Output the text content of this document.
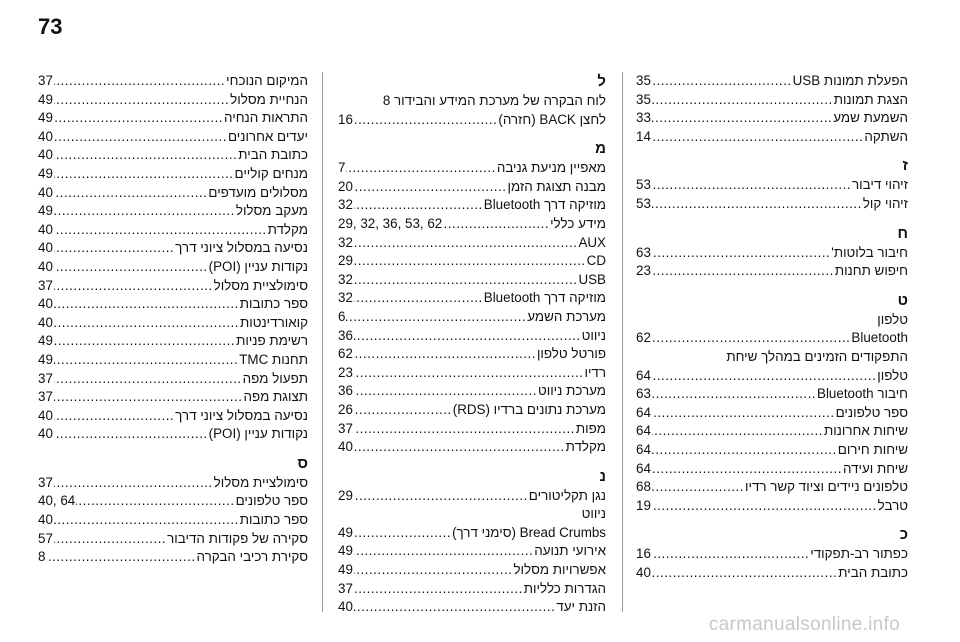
73
הפעלת תמונות USB
.....
35
הצגת תמונות
.....
35
השמעת שמע
.....
33
השתקה
.....
14
ז
זיהוי דיבור
.....
53
זיהוי קול
.....
53
ח
חיבור בלוטות'
.....
63
חיפוש תחנות
.....
23
ט
טלפון
Bluetooth
.....
62
התפקודים הזמינים במהלך שיחת
טלפון
.....
64
חיבור Bluetooth
.....
63
ספר טלפונים
.....
64
שיחות אחרונות
.....
64
שיחות חירום
.....
64
שיחת ועידה
.....
64
טלפונים ניידים וציוד קשר רדיו
.....
68
טרבל
.....
19
כ
כפתור רב-תפקודי
.....
16
כתובת הבית
.....
40
ל
לוח הבקרה של מערכת המידע והבידור 8
לחצן BACK (חזרה)
.....
16
מ
מאפיין מניעת גניבה
.....
7
מבנה תצוגת הזמן
.....
20
מוזיקה דרך Bluetooth
.....
32
מידע כללי
.....
29, 32, 36, 53, 62
AUX
.....
32
CD
.....
29
USB
.....
32
מוזיקה דרך Bluetooth
.....
32
מערכת השמע
.....
6
ניווט
.....
36
פורטל טלפון
.....
62
רדיו
.....
23
מערכת ניווט
.....
36
מערכת נתונים ברדיו (RDS)
.....
26
מפות
.....
37
מקלדת
.....
40
נ
נגן תקליטורים
.....
29
ניווט
Bread Crumbs (סימני דרך)
.....
49
אירועי תנועה
.....
49
אפשרויות מסלול
.....
49
הגדרות כלליות
.....
37
הזנת יעד
.....
40
המיקום הנוכחי
.....
37
הנחיית מסלול
.....
49
התראות הנחיה
.....
49
יעדים אחרונים
.....
40
כתובת הבית
.....
40
מנחים קוליים
.....
49
מסלולים מועדפים
.....
40
מעקב מסלול
.....
49
מקלדת
.....
40
נסיעה במסלול ציוני דרך
.....
40
נקודות עניין (POI)
.....
40
סימולציית מסלול
.....
37
ספר כתובות
.....
40
קואורדינטות
.....
40
רשימת פניות
.....
49
תחנות TMC
.....
49
תפעול מפה
.....
37
תצוגת מפה
.....
37
נסיעה במסלול ציוני דרך
.....
40
נקודות עניין (POI)
.....
40
ס
סימולציית מסלול
.....
37
ספר טלפונים
.....
40, 64
ספר כתובות
.....
40
סקירה של פקודות הדיבור
.....
57
סקירת רכיבי הבקרה
.....
8
carmanualsonline.info
